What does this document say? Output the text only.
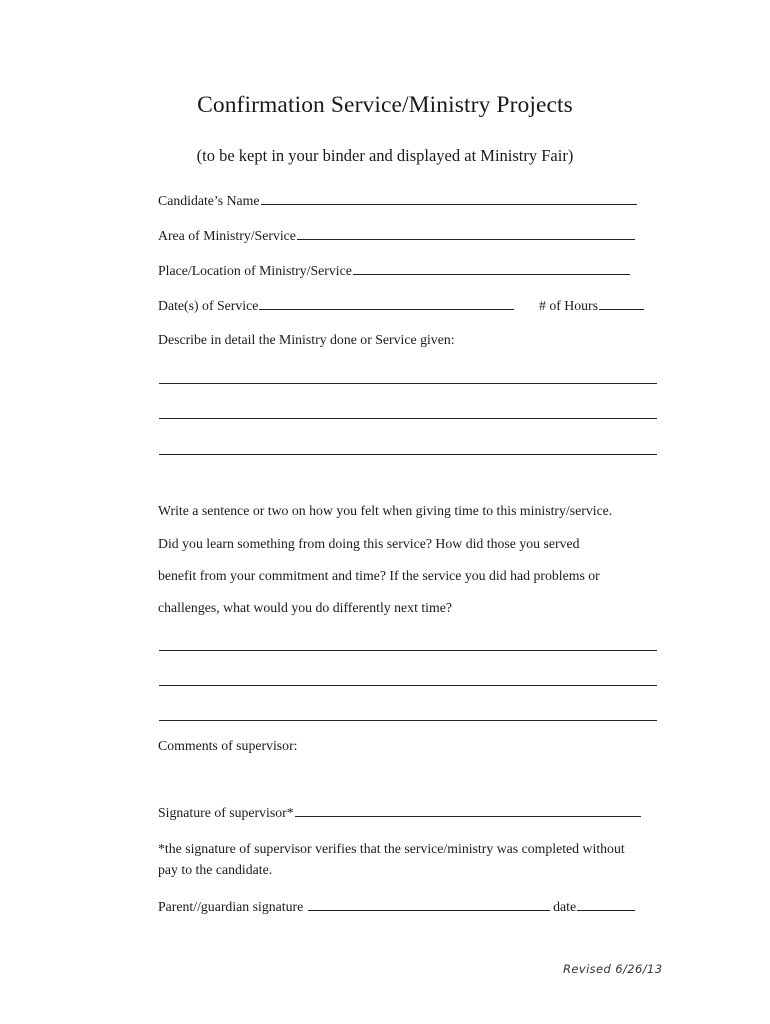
Confirmation Service/Ministry Projects
(to be kept in your binder and displayed at Ministry Fair)
Candidate’s Name
Area of Ministry/Service
Place/Location of Ministry/Service
Date(s) of Service	# of Hours
Describe in detail the Ministry done or Service given:
Write a sentence or two on how you felt when giving time to this ministry/service.
Did you learn something from doing this service? How did those you served
benefit from your commitment and time? If the service you did had problems or
challenges, what would you do differently next time?
Comments of supervisor:
Signature of supervisor*
*the signature of supervisor verifies that the service/ministry was completed without pay to the candidate.
Parent//guardian signature	date
Revised 6/26/13
